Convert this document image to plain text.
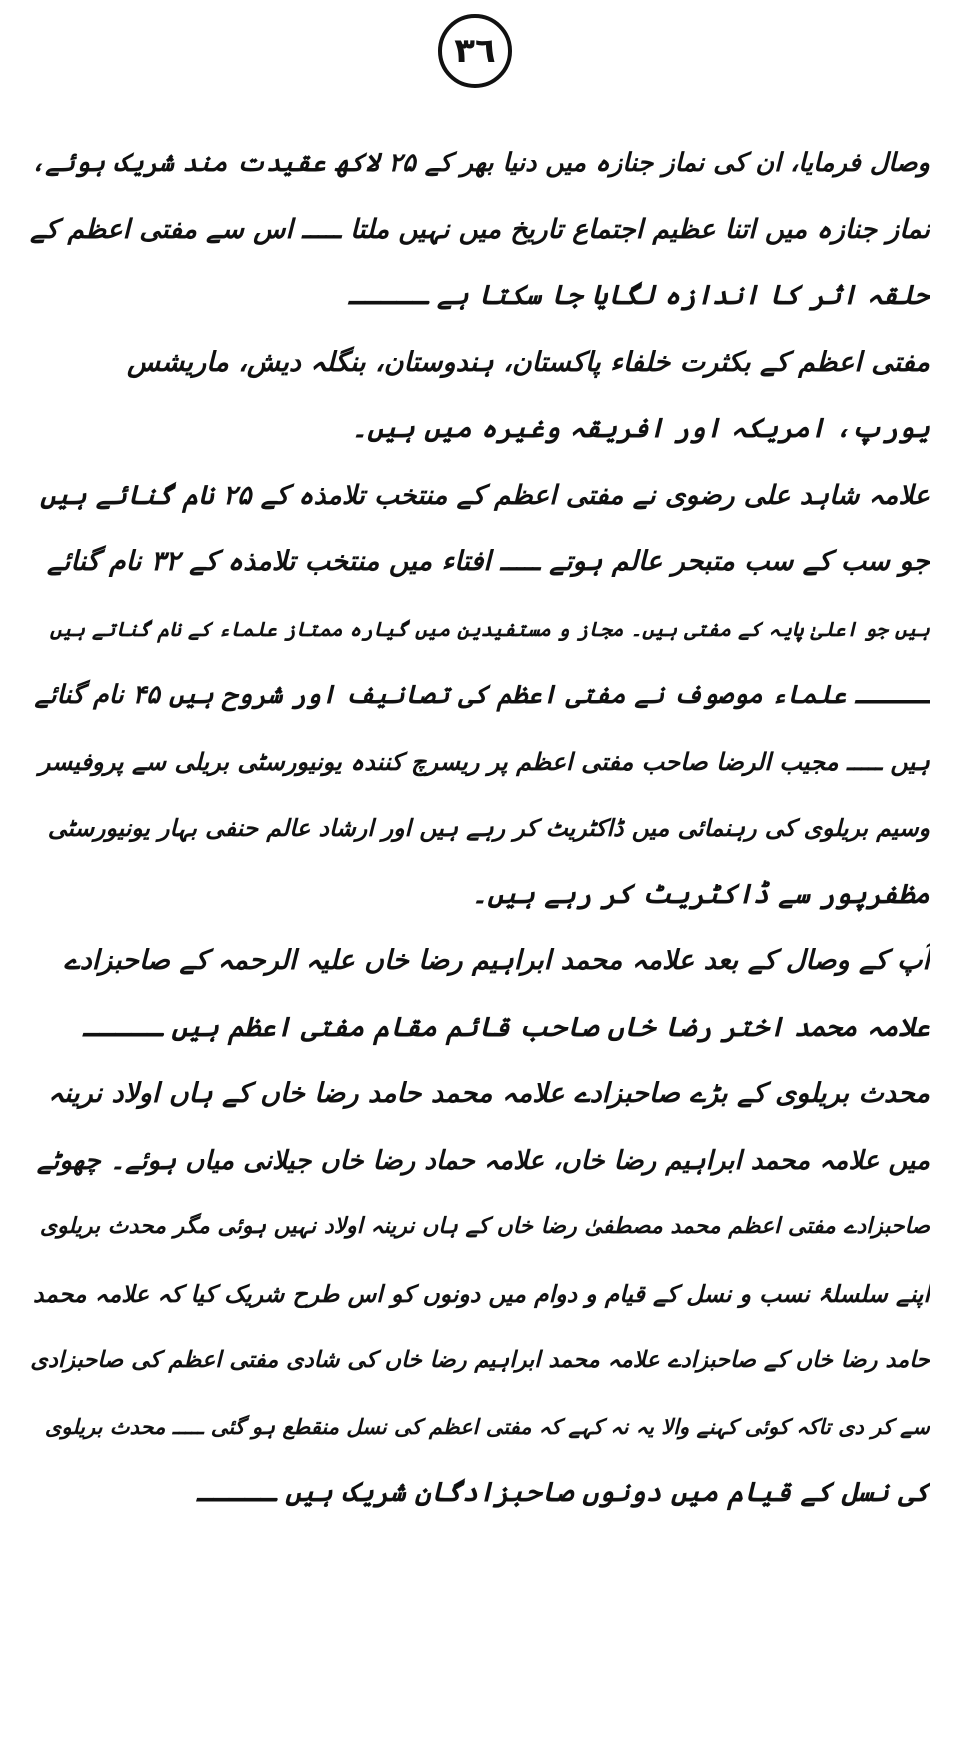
٣٦
وصال فرمایا، ان کی نماز جنازہ میں دنیا بھر کے ۲۵ لاکھ عقیدت مند شریک ہوئے،
نماز جنازہ میں اتنا عظیم اجتماع تاریخ میں نہیں ملتا ـــــ اس سے مفتی اعظم کے
حلقہ اثر کا اندازہ لگایا جا سکتا ہے ـــــ
مفتی اعظم کے بکثرت خلفاء پاکستان، ہندوستان، بنگلہ دیش، ماریشس
یورپ، امریکہ اور افریقہ وغیرہ میں ہیں۔
علامہ شاہد علی رضوی نے مفتی اعظم کے منتخب تلامذہ کے ۲۵ نام گنائے ہیں
جو سب کے سب متبحر عالم ہوتے ـــــ افتاء میں منتخب تلامذہ کے ۳۲ نام گنائے
ہیں جو اعلیٰ پایہ کے مفتی ہیں۔ مجاز و مستفیدین میں گیارہ ممتاز علماء کے نام گناتے ہیں
ـــــ علماء موصوف نے مفتی اعظم کی تصانیف اور شروح ہیں ۴۵ نام گنائے
ہیں ـــــ مجیب الرضا صاحب مفتی اعظم پر ریسرچ کنندہ یونیورسٹی بریلی سے پروفیسر
وسیم بریلوی کی رہنمائی میں ڈاکٹریٹ کر رہے ہیں اور ارشاد عالم حنفی بہار یونیورسٹی
مظفرپور سے ڈاکٹریٹ کر رہے ہیں۔
آپ کے وصال کے بعد علامہ محمد ابراہیم رضا خاں علیہ الرحمہ کے صاحبزادے
علامہ محمد اختر رضا خاں صاحب قائم مقام مفتی اعظم ہیں ـــــ
محدث بریلوی کے بڑے صاحبزادے علامہ محمد حامد رضا خاں کے ہاں اولاد نرینہ
میں علامہ محمد ابراہیم رضا خاں، علامہ حماد رضا خاں جیلانی میاں ہوئے۔ چھوٹے
صاحبزادے مفتی اعظم محمد مصطفیٰ رضا خاں کے ہاں نرینہ اولاد نہیں ہوئی مگر محدث بریلوی
اپنے سلسلۂ نسب و نسل کے قیام و دوام میں دونوں کو اس طرح شریک کیا کہ علامہ محمد
حامد رضا خاں کے صاحبزادے علامہ محمد ابراہیم رضا خاں کی شادی مفتی اعظم کی صاحبزادی
سے کر دی تاکہ کوئی کہنے والا یہ نہ کہے کہ مفتی اعظم کی نسل منقطع ہو گئی ـــــ محدث بریلوی
کی نسل کے قیام میں دونوں صاحبزادگان شریک ہیں ـــــ
